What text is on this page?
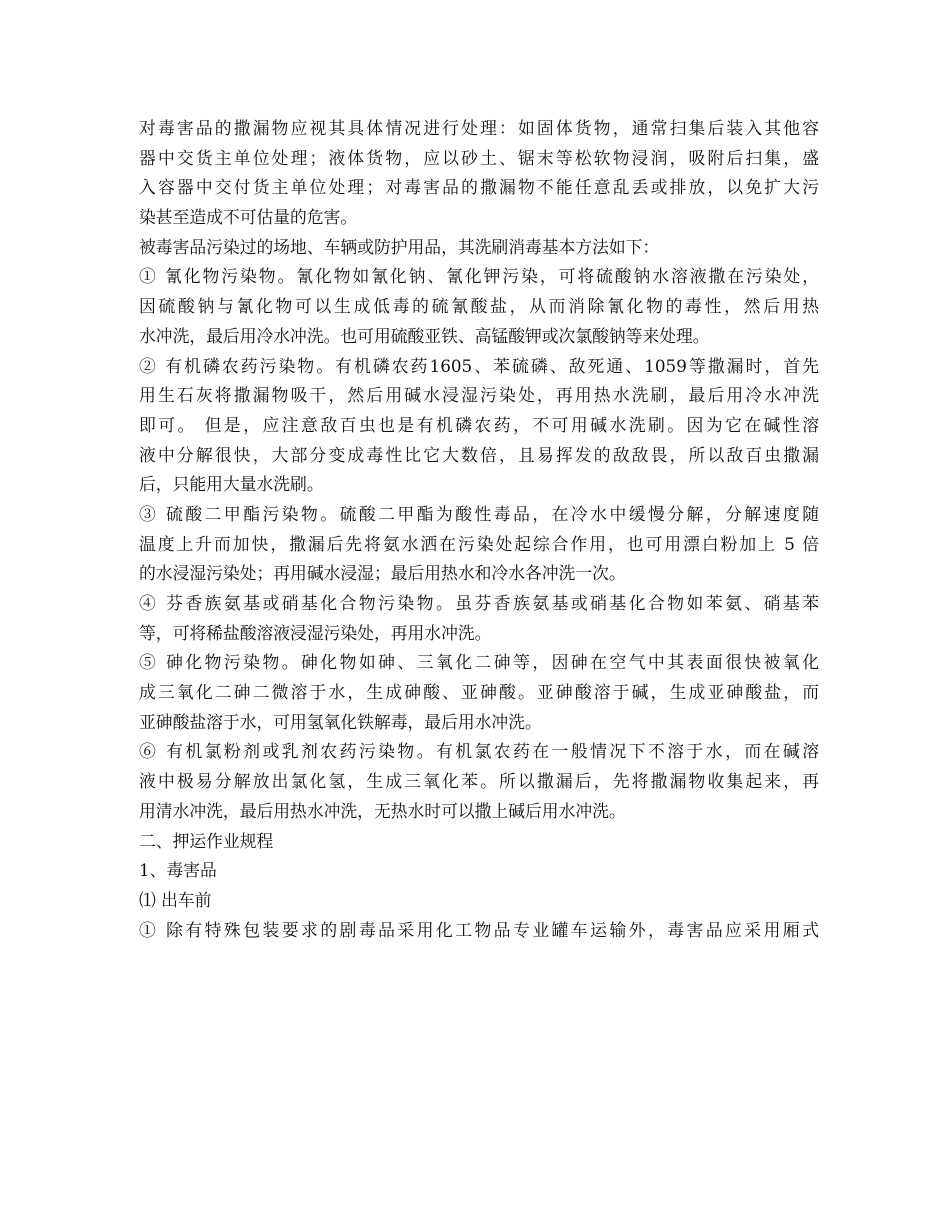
对毒害品的撒漏物应视其具体情况进行处理：如固体货物，通常扫集后装入其他容
器中交货主单位处理；液体货物，应以砂土、锯末等松软物浸润，吸附后扫集，盛
入容器中交付货主单位处理；对毒害品的撒漏物不能任意乱丢或排放，以免扩大污
染甚至造成不可估量的危害。
被毒害品污染过的场地、车辆或防护用品，其洗刷消毒基本方法如下：
① 氰化物污染物。氰化物如氰化钠、氰化钾污染，可将硫酸钠水溶液撒在污染处，
因硫酸钠与氰化物可以生成低毒的硫氰酸盐，从而消除氰化物的毒性，然后用热
水冲洗，最后用冷水冲洗。也可用硫酸亚铁、高锰酸钾或次氯酸钠等来处理。
② 有机磷农药污染物。有机磷农药1605、苯硫磷、敌死通、1059等撒漏时，首先
用生石灰将撒漏物吸干，然后用碱水浸湿污染处，再用热水洗刷，最后用冷水冲洗
即可。 但是，应注意敌百虫也是有机磷农药，不可用碱水洗刷。因为它在碱性溶
液中分解很快，大部分变成毒性比它大数倍，且易挥发的敌敌畏，所以敌百虫撒漏
后，只能用大量水洗刷。
③ 硫酸二甲酯污染物。硫酸二甲酯为酸性毒品，在冷水中缓慢分解，分解速度随
温度上升而加快，撒漏后先将氨水洒在污染处起综合作用，也可用漂白粉加上 5 倍
的水浸湿污染处；再用碱水浸湿；最后用热水和冷水各冲洗一次。
④ 芬香族氨基或硝基化合物污染物。虽芬香族氨基或硝基化合物如苯氨、硝基苯
等，可将稀盐酸溶液浸湿污染处，再用水冲洗。
⑤ 砷化物污染物。砷化物如砷、三氧化二砷等，因砷在空气中其表面很快被氧化
成三氧化二砷二微溶于水，生成砷酸、亚砷酸。亚砷酸溶于碱，生成亚砷酸盐，而
亚砷酸盐溶于水，可用氢氧化铁解毒，最后用水冲洗。
⑥ 有机氯粉剂或乳剂农药污染物。有机氯农药在一般情况下不溶于水，而在碱溶
液中极易分解放出氯化氢，生成三氧化苯。所以撒漏后，先将撒漏物收集起来，再
用清水冲洗，最后用热水冲洗，无热水时可以撒上碱后用水冲洗。
二、押运作业规程
1、毒害品
⑴ 出车前
① 除有特殊包装要求的剧毒品采用化工物品专业罐车运输外，毒害品应采用厢式
